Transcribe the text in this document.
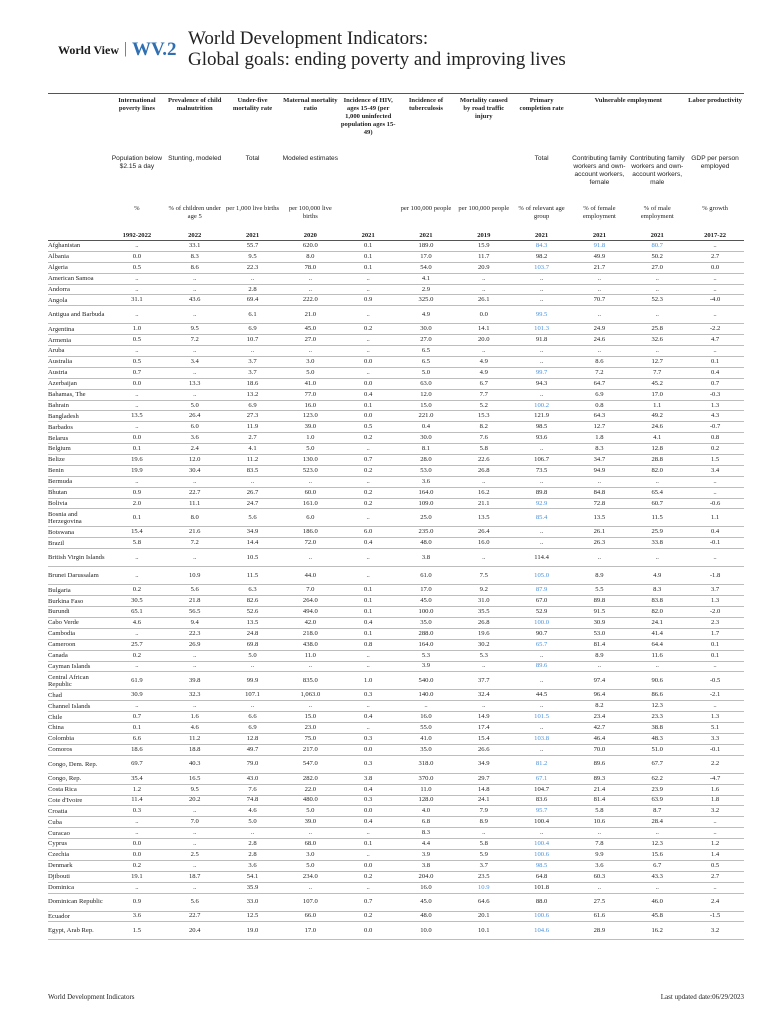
World View | WV.2
World Development Indicators:
Global goals: ending poverty and improving lives
	International poverty lines	Prevalence of child malnutrition	Under-five mortality rate	Maternal mortality ratio	Incidence of HIV, ages 15-49 (per 1,000 uninfected population ages 15-49)	Incidence of tuberculosis	Mortality caused by road traffic injury	Primary completion rate	Vulnerable employment		Labor productivity
	Population below $2.15 a day	Stunting, modeled	Total	Modeled estimates				Total	Contributing family workers and own-account workers, female	Contributing family workers and own-account workers, male	GDP per person employed
	%	% of children under age 5	per 1,000 live births	per 100,000 live births		per 100,000 people	per 100,000 people	% of relevant age group	% of female employment	% of male employment	% growth
	1992-2022	2022	2021	2020	2021	2021	2019	2021	2021	2021	2017-22
Afghanistan	..	33.1	55.7	620.0	0.1	189.0	15.9	84.3	91.8	80.7	..
Albania	0.0	8.3	9.5	8.0	0.1	17.0	11.7	98.2	49.9	50.2	2.7
Algeria	0.5	8.6	22.3	78.0	0.1	54.0	20.9	103.7	21.7	27.0	0.0
American Samoa	..	..	..	..	..	4.1	..	..	..	..	..
Andorra	..	..	2.8	..	..	2.9	..	..	..	..	..
Angola	31.1	43.6	69.4	222.0	0.9	325.0	26.1	..	70.7	52.3	-4.0
Antigua and Barbuda	..	..	6.1	21.0	..	4.9	0.0	99.5	..	..	..
Argentina	1.0	9.5	6.9	45.0	0.2	30.0	14.1	101.3	24.9	25.8	-2.2
Armenia	0.5	7.2	10.7	27.0	..	27.0	20.0	91.8	24.6	32.6	4.7
Aruba	..	..	..	..	..	6.5	..	..	..	..	..
Australia	0.5	3.4	3.7	3.0	0.0	6.5	4.9	..	8.6	12.7	0.1
Austria	0.7	..	3.7	5.0	..	5.0	4.9	99.7	7.2	7.7	0.4
Azerbaijan	0.0	13.3	18.6	41.0	0.0	63.0	6.7	94.3	64.7	45.2	0.7
Bahamas, The	..	..	13.2	77.0	0.4	12.0	7.7	..	6.9	17.0	-0.3
Bahrain	..	5.0	6.9	16.0	0.1	15.0	5.2	100.2	0.8	1.1	1.3
Bangladesh	13.5	26.4	27.3	123.0	0.0	221.0	15.3	121.9	64.3	49.2	4.3
Barbados	..	6.0	11.9	39.0	0.5	0.4	8.2	98.5	12.7	24.6	-0.7
Belarus	0.0	3.6	2.7	1.0	0.2	30.0	7.6	93.6	1.8	4.1	0.8
Belgium	0.1	2.4	4.1	5.0	..	8.1	5.8	..	8.3	12.8	0.2
Belize	19.6	12.0	11.2	130.0	0.7	28.0	22.6	106.7	34.7	28.8	1.5
Benin	19.9	30.4	83.5	523.0	0.2	53.0	26.8	73.5	94.9	82.0	3.4
Bermuda	..	..	..	..	..	3.6	..	..	..	..	..
Bhutan	0.9	22.7	26.7	60.0	0.2	164.0	16.2	89.8	84.8	65.4	..
Bolivia	2.0	11.1	24.7	161.0	0.2	109.0	21.1	92.9	72.8	60.7	-0.6
Bosnia and Herzegovina	0.1	8.0	5.6	6.0	..	25.0	13.5	85.4	13.5	11.5	1.1
Botswana	15.4	21.6	34.9	186.0	6.0	235.0	26.4	..	26.1	25.9	0.4
Brazil	5.8	7.2	14.4	72.0	0.4	48.0	16.0	..	26.3	33.8	-0.1
British Virgin Islands	..	..	10.5	..	..	3.8	..	114.4	..	..	..
Brunei Darussalam	..	10.9	11.5	44.0	..	61.0	7.5	105.0	8.9	4.9	-1.8
Bulgaria	0.2	5.6	6.3	7.0	0.1	17.0	9.2	87.9	5.5	8.3	3.7
Burkina Faso	30.5	21.8	82.6	264.0	0.1	45.0	31.0	67.0	89.8	83.8	1.3
Burundi	65.1	56.5	52.6	494.0	0.1	100.0	35.5	52.9	91.5	82.0	-2.0
Cabo Verde	4.6	9.4	13.5	42.0	0.4	35.0	26.8	100.0	30.9	24.1	2.3
Cambodia	..	22.3	24.8	218.0	0.1	288.0	19.6	90.7	53.0	41.4	1.7
Cameroon	25.7	26.9	69.8	438.0	0.8	164.0	30.2	65.7	81.4	64.4	0.1
Canada	0.2	..	5.0	11.0	..	5.3	5.3	..	8.9	11.6	0.1
Cayman Islands	..	..	..	..	..	3.9	..	89.6	..	..	..
Central African Republic	61.9	39.8	99.9	835.0	1.0	540.0	37.7	..	97.4	90.6	-0.5
Chad	30.9	32.3	107.1	1,063.0	0.3	140.0	32.4	44.5	96.4	86.6	-2.1
Channel Islands	..	..	..	..	..	..	..	..	8.2	12.3	..
Chile	0.7	1.6	6.6	15.0	0.4	16.0	14.9	101.5	23.4	23.3	1.3
China	0.1	4.6	6.9	23.0	..	55.0	17.4	..	42.7	38.8	5.1
Colombia	6.6	11.2	12.8	75.0	0.3	41.0	15.4	103.8	46.4	48.3	3.3
Comoros	18.6	18.8	49.7	217.0	0.0	35.0	26.6	..	70.0	51.0	-0.1
Congo, Dem. Rep.	69.7	40.3	79.0	547.0	0.3	318.0	34.9	81.2	89.6	67.7	2.2
Congo, Rep.	35.4	16.5	43.0	282.0	3.8	370.0	29.7	67.1	89.3	62.2	-4.7
Costa Rica	1.2	9.5	7.6	22.0	0.4	11.0	14.8	104.7	21.4	23.9	1.6
Cote d'Ivoire	11.4	20.2	74.8	480.0	0.3	128.0	24.1	83.6	81.4	63.9	1.8
Croatia	0.3	..	4.6	5.0	0.0	4.0	7.9	95.7	5.8	8.7	3.2
Cuba	..	7.0	5.0	39.0	0.4	6.8	8.9	100.4	10.6	28.4	..
Curacao	..	..	..	..	..	8.3	..	..	..	..	..
Cyprus	0.0	..	2.8	68.0	0.1	4.4	5.8	100.4	7.8	12.3	1.2
Czechia	0.0	2.5	2.8	3.0	..	3.9	5.9	100.6	9.9	15.6	1.4
Denmark	0.2	..	3.6	5.0	0.0	3.8	3.7	98.5	3.6	6.7	0.5
Djibouti	19.1	18.7	54.1	234.0	0.2	204.0	23.5	64.8	60.3	43.3	2.7
Dominica	..	..	35.9	..	..	16.0	10.9	101.8	..	..	..
Dominican Republic	0.9	5.6	33.0	107.0	0.7	45.0	64.6	88.0	27.5	46.0	2.4
Ecuador	3.6	22.7	12.5	66.0	0.2	48.0	20.1	100.6	61.6	45.8	-1.5
Egypt, Arab Rep.	1.5	20.4	19.0	17.0	0.0	10.0	10.1	104.6	28.9	16.2	3.2
World Development Indicators	Last updated date:06/29/2023
